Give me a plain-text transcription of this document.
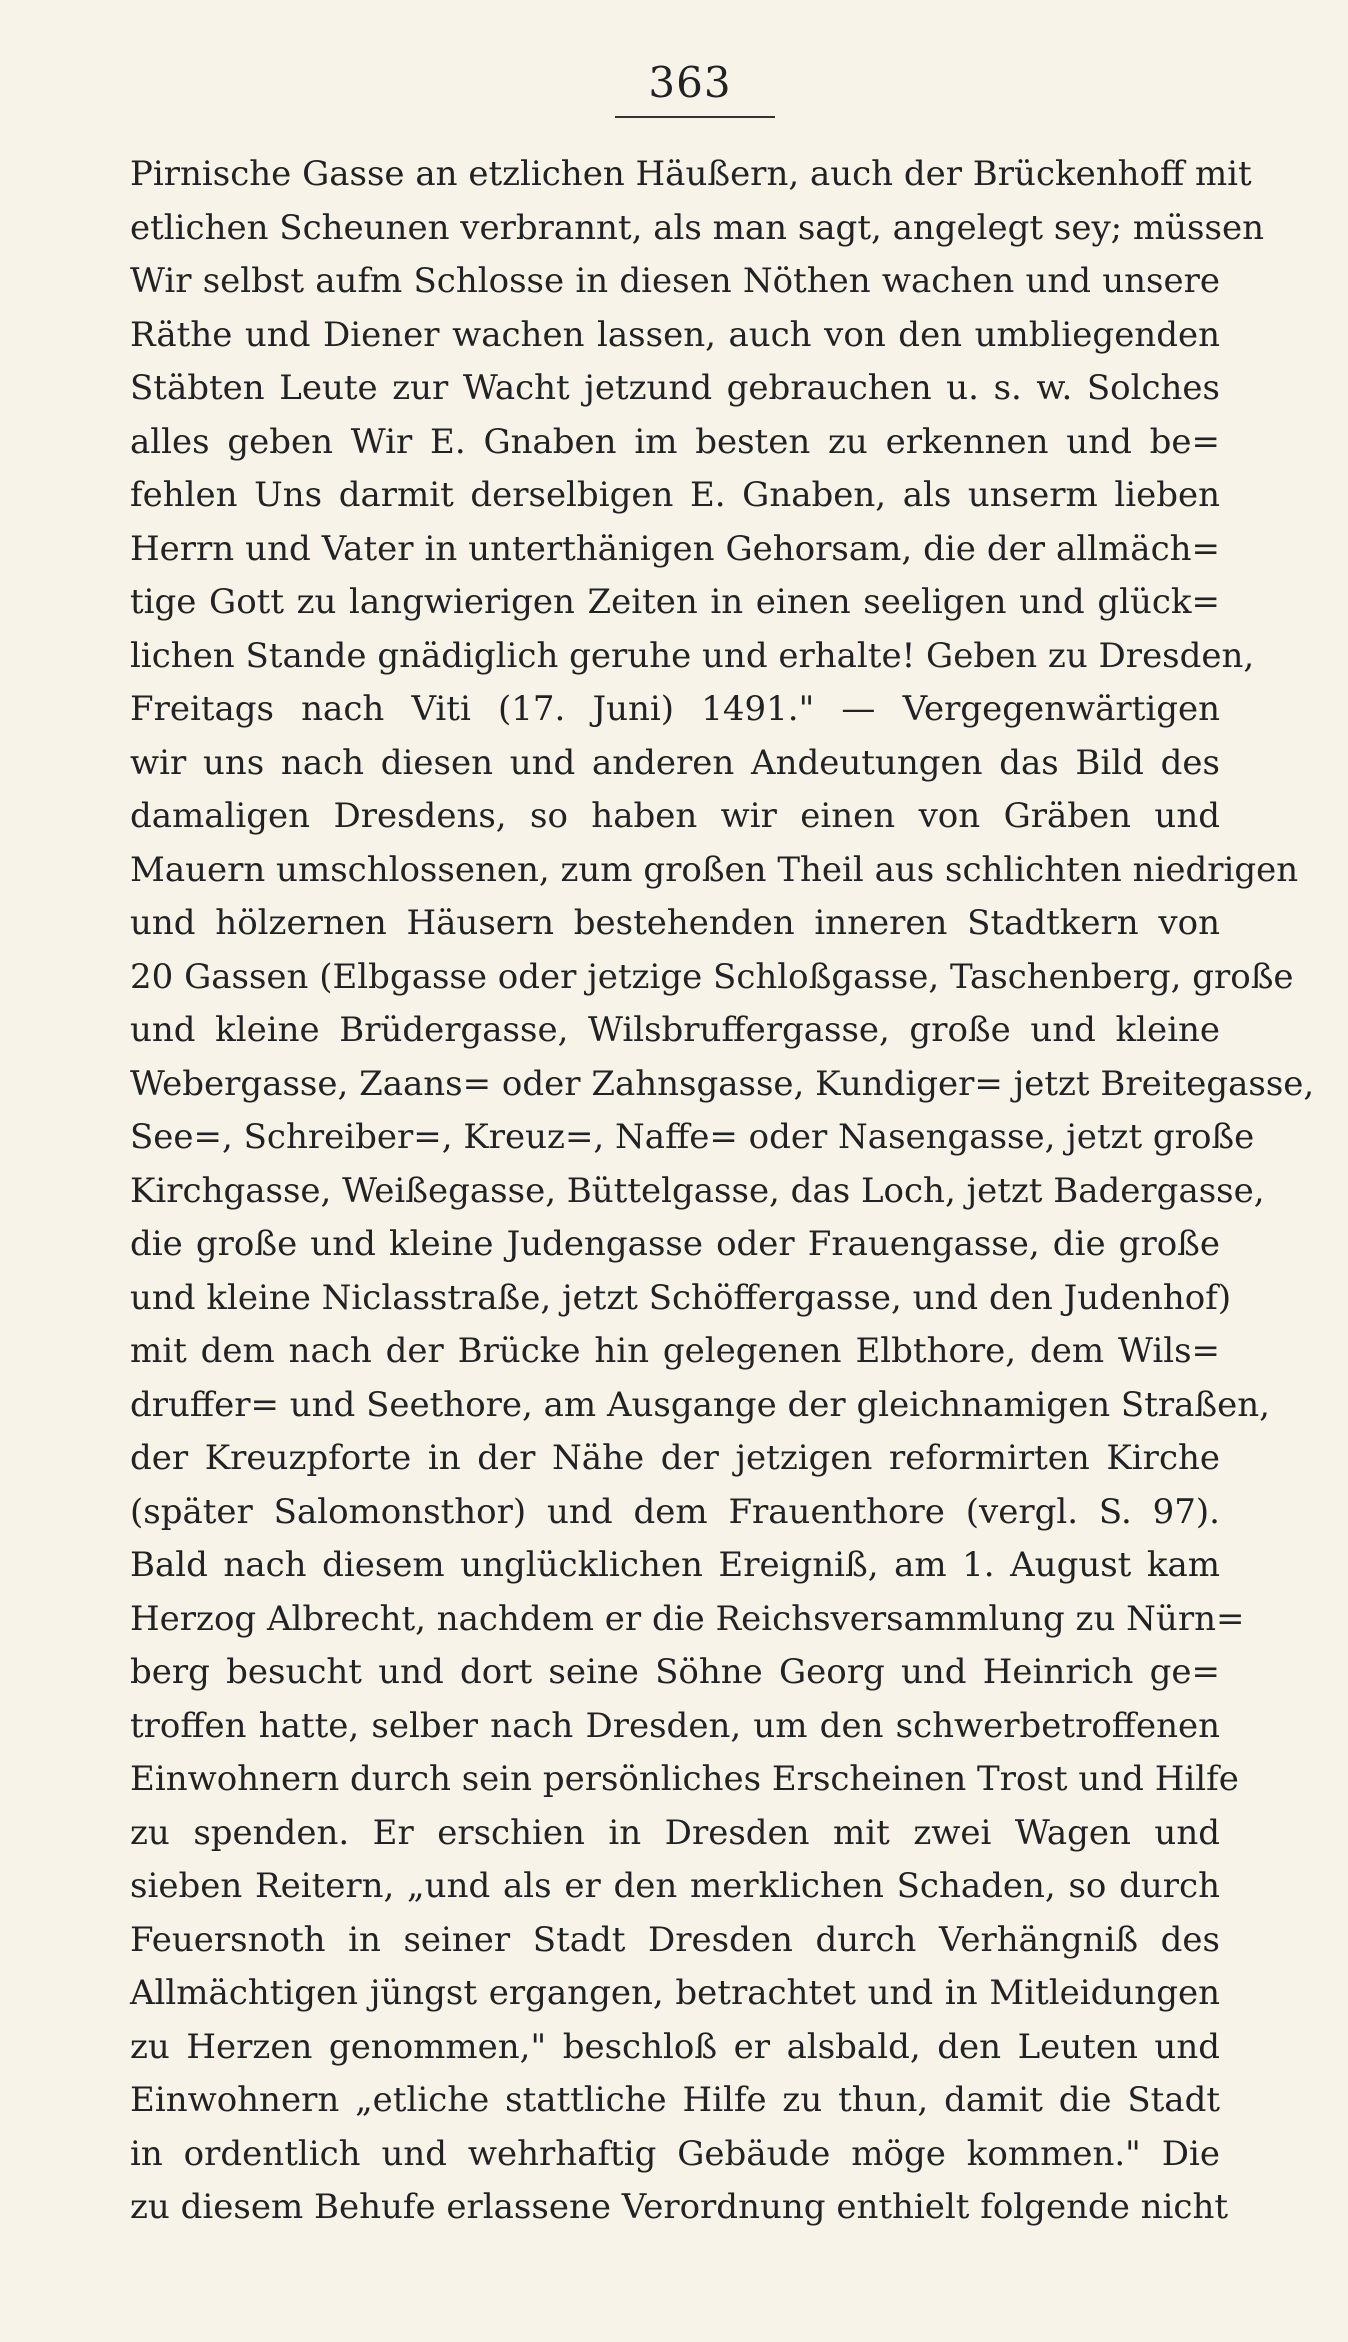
363
Pirnische Gasse an etzlichen Häußern, auch der Brückenhoff mit
etlichen Scheunen verbrannt, als man sagt, angelegt sey; müssen
Wir selbst aufm Schlosse in diesen Nöthen wachen und unsere
Räthe und Diener wachen lassen, auch von den umbliegenden
Stäbten Leute zur Wacht jetzund gebrauchen u. s. w. Solches
alles geben Wir E. Gnaben im besten zu erkennen und be=
fehlen Uns darmit derselbigen E. Gnaben, als unserm lieben
Herrn und Vater in unterthänigen Gehorsam, die der allmäch=
tige Gott zu langwierigen Zeiten in einen seeligen und glück=
lichen Stande gnädiglich geruhe und erhalte! Geben zu Dresden,
Freitags nach Viti (17. Juni) 1491." — Vergegenwärtigen
wir uns nach diesen und anderen Andeutungen das Bild des
damaligen Dresdens, so haben wir einen von Gräben und
Mauern umschlossenen, zum großen Theil aus schlichten niedrigen
und hölzernen Häusern bestehenden inneren Stadtkern von
20 Gassen (Elbgasse oder jetzige Schloßgasse, Taschenberg, große
und kleine Brüdergasse, Wilsbruffergasse, große und kleine
Webergasse, Zaans= oder Zahnsgasse, Kundiger= jetzt Breitegasse,
See=, Schreiber=, Kreuz=, Naffe= oder Nasengasse, jetzt große
Kirchgasse, Weißegasse, Büttelgasse, das Loch, jetzt Badergasse,
die große und kleine Judengasse oder Frauengasse, die große
und kleine Niclasstraße, jetzt Schöffergasse, und den Judenhof)
mit dem nach der Brücke hin gelegenen Elbthore, dem Wils=
druffer= und Seethore, am Ausgange der gleichnamigen Straßen,
der Kreuzpforte in der Nähe der jetzigen reformirten Kirche
(später Salomonsthor) und dem Frauenthore (vergl. S. 97).
Bald nach diesem unglücklichen Ereigniß, am 1. August kam
Herzog Albrecht, nachdem er die Reichsversammlung zu Nürn=
berg besucht und dort seine Söhne Georg und Heinrich ge=
troffen hatte, selber nach Dresden, um den schwerbetroffenen
Einwohnern durch sein persönliches Erscheinen Trost und Hilfe
zu spenden. Er erschien in Dresden mit zwei Wagen und
sieben Reitern, „und als er den merklichen Schaden, so durch
Feuersnoth in seiner Stadt Dresden durch Verhängniß des
Allmächtigen jüngst ergangen, betrachtet und in Mitleidungen
zu Herzen genommen," beschloß er alsbald, den Leuten und
Einwohnern „etliche stattliche Hilfe zu thun, damit die Stadt
in ordentlich und wehrhaftig Gebäude möge kommen." Die
zu diesem Behufe erlassene Verordnung enthielt folgende nicht
